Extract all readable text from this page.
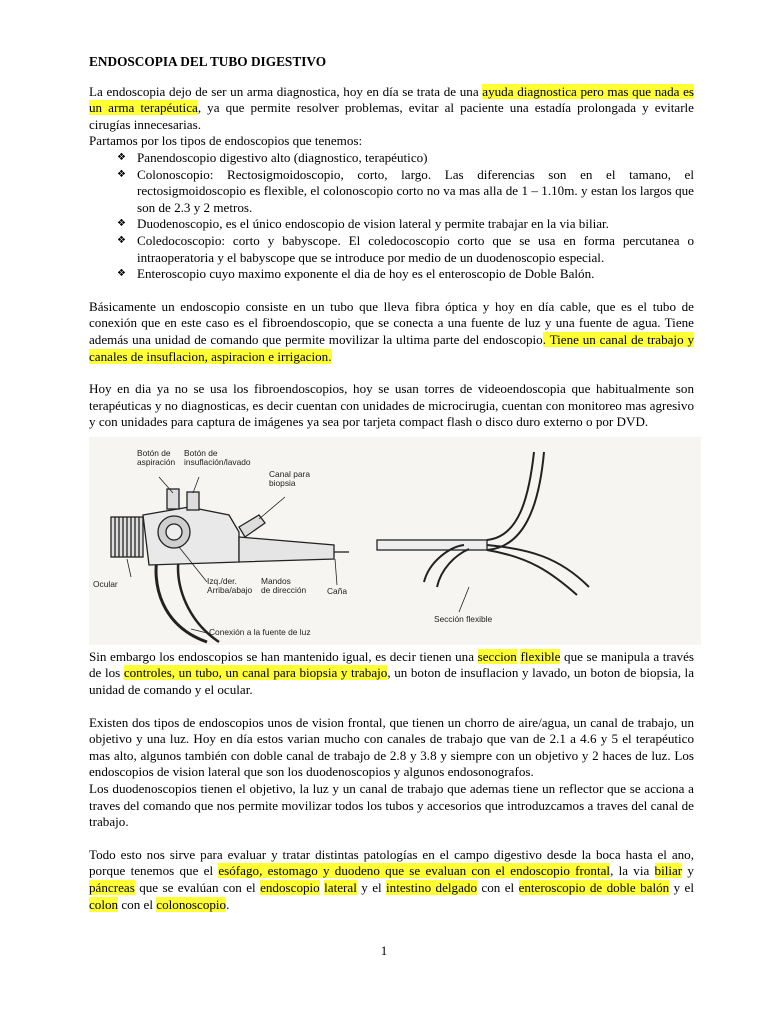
ENDOSCOPIA DEL TUBO DIGESTIVO

La endoscopia dejo de ser un arma diagnostica, hoy en día se trata de una ayuda diagnostica pero mas que nada es un arma terapéutica, ya que permite resolver problemas, evitar al paciente una estadía prolongada y evitarle cirugías innecesarias.

Partamos por los tipos de endoscopios que tenemos:

❖ Panendoscopio digestivo alto (diagnostico, terapéutico)
❖ Colonoscopio: Rectosigmoidoscopio, corto, largo. Las diferencias son en el tamano, el rectosigmoidoscopio es flexible, el colonoscopio corto no va mas alla de 1 – 1.10m. y estan los largos que son de 2.3 y 2 metros.
❖ Duodenoscopio, es el único endoscopio de vision lateral y permite trabajar en la via biliar.
❖ Coledocoscopio: corto y babyscope. El coledocoscopio corto que se usa en forma percutanea o intraoperatoria y el babyscope que se introduce por medio de un duodenoscopio especial.
❖ Enteroscopio cuyo maximo exponente el dia de hoy es el enteroscopio de Doble Balón.

Básicamente un endoscopio consiste en un tubo que lleva fibra óptica y hoy en día cable, que es el tubo de conexión que en este caso es el fibroendoscopio, que se conecta a una fuente de luz y una fuente de agua. Tiene además una unidad de comando que permite movilizar la ultima parte del endoscopio. Tiene un canal de trabajo y canales de insuflacion, aspiracion e irrigacion.

Hoy en dia ya no se usa los fibroendoscopios, hoy se usan torres de videoendoscopia que habitualmente son terapéuticas y no diagnosticas, es decir cuentan con unidades de microcirugia, cuentan con monitoreo mas agresivo y con unidades para captura de imágenes ya sea por tarjeta compact flash o disco duro externo o por DVD.

Botón de
aspiración
Botón de
insuflación/lavado
Canal para
biopsia
Ocular	Izq./der.
Arriba/abajo
Mandos
de dirección Caña
Sección flexible
Conexión a la fuente de luz

Sin embargo los endoscopios se han mantenido igual, es decir tienen una seccion flexible que se manipula a través de los controles, un tubo, un canal para biopsia y trabajo, un boton de insuflacion y lavado, un boton de biopsia, la unidad de comando y el ocular.

Existen dos tipos de endoscopios unos de vision frontal, que tienen un chorro de aire/agua, un canal de trabajo, un objetivo y una luz. Hoy en día estos varian mucho con canales de trabajo que van de 2.1 a 4.6 y 5 el terapéutico mas alto, algunos también con doble canal de trabajo de 2.8 y 3.8 y siempre con un objetivo y 2 haces de luz. Los endoscopios de vision lateral que son los duodenoscopios y algunos endosonografos.

Los duodenoscopios tienen el objetivo, la luz y un canal de trabajo que ademas tiene un reflector que se acciona a traves del comando que nos permite movilizar todos los tubos y accesorios que introduzcamos a traves del canal de trabajo.

Todo esto nos sirve para evaluar y tratar distintas patologías en el campo digestivo desde la boca hasta el ano, porque tenemos que el esófago, estomago y duodeno que se evaluan con el endoscopio frontal, la via biliar y páncreas que se evalúan con el endoscopio lateral y el intestino delgado con el enteroscopio de doble balón y el colon con el colonoscopio.

1
